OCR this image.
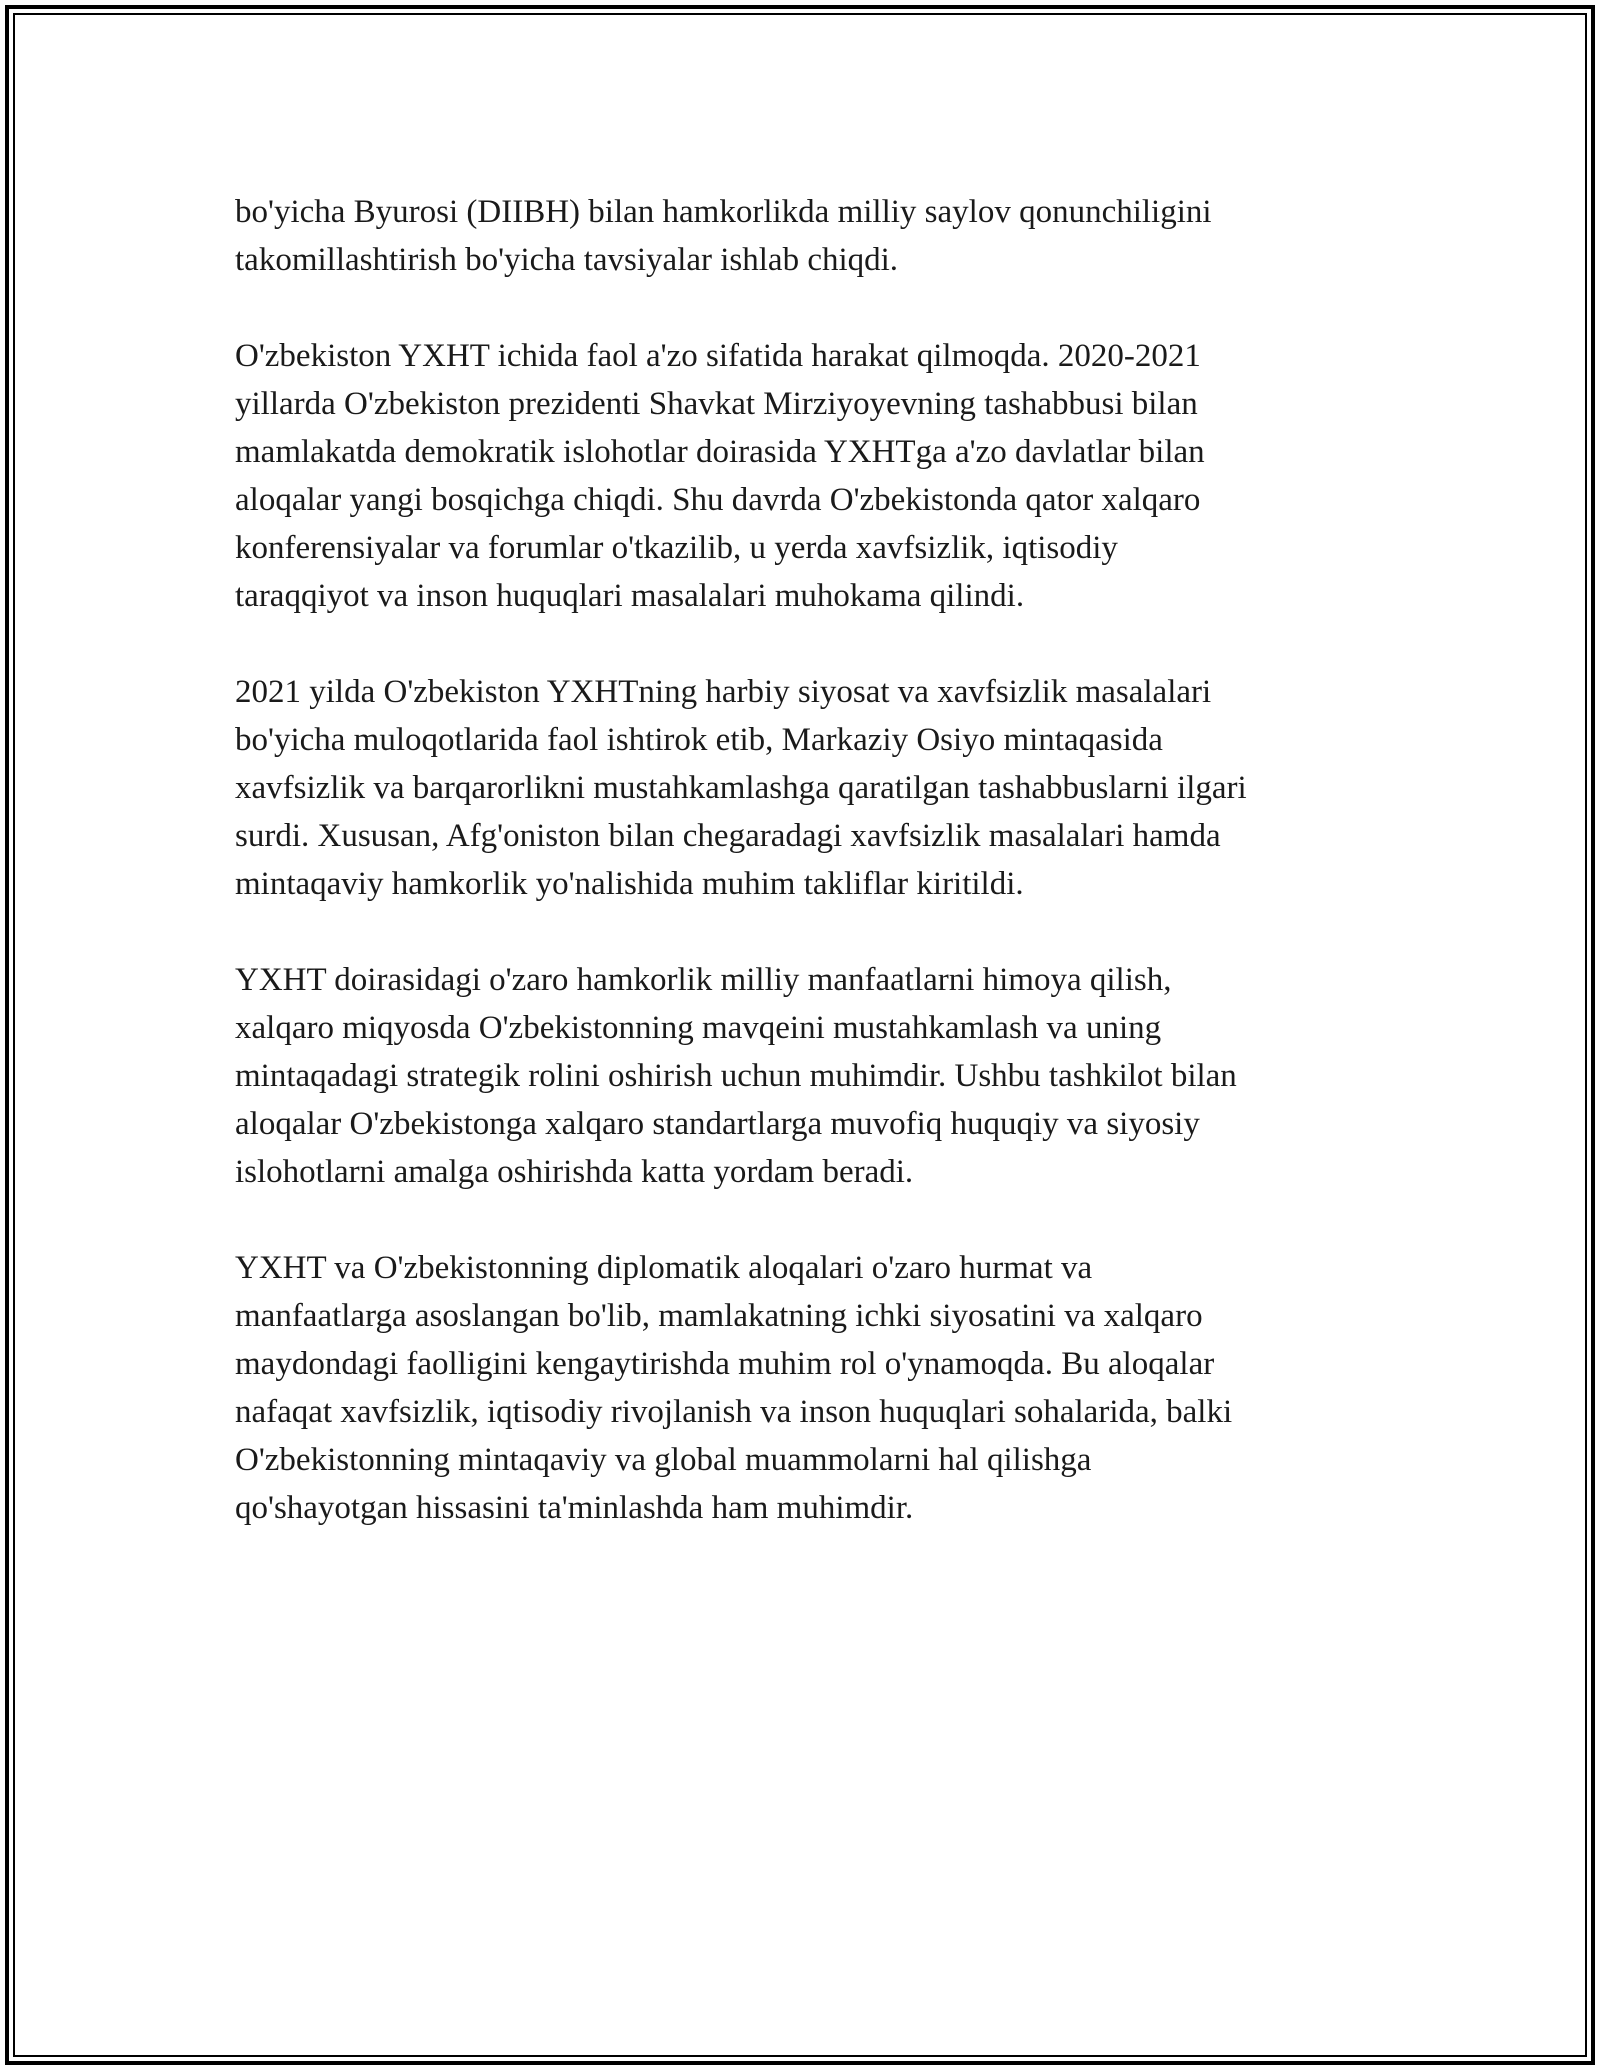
bo'yicha Byurosi (DIIBH) bilan hamkorlikda milliy saylov qonunchiligini
takomillashtirish bo'yicha tavsiyalar ishlab chiqdi.

O'zbekiston YXHT ichida faol a'zo sifatida harakat qilmoqda. 2020-2021
yillarda O'zbekiston prezidenti Shavkat Mirziyoyevning tashabbusi bilan
mamlakatda demokratik islohotlar doirasida YXHTga a'zo davlatlar bilan
aloqalar yangi bosqichga chiqdi. Shu davrda O'zbekistonda qator xalqaro
konferensiyalar va forumlar o'tkazilib, u yerda xavfsizlik, iqtisodiy
taraqqiyot va inson huquqlari masalalari muhokama qilindi.

2021 yilda O'zbekiston YXHTning harbiy siyosat va xavfsizlik masalalari
bo'yicha muloqotlarida faol ishtirok etib, Markaziy Osiyo mintaqasida
xavfsizlik va barqarorlikni mustahkamlashga qaratilgan tashabbuslarni ilgari
surdi. Xususan, Afg'oniston bilan chegaradagi xavfsizlik masalalari hamda
mintaqaviy hamkorlik yo'nalishida muhim takliflar kiritildi.

YXHT doirasidagi o'zaro hamkorlik milliy manfaatlarni himoya qilish,
xalqaro miqyosda O'zbekistonning mavqeini mustahkamlash va uning
mintaqadagi strategik rolini oshirish uchun muhimdir. Ushbu tashkilot bilan
aloqalar O'zbekistonga xalqaro standartlarga muvofiq huquqiy va siyosiy
islohotlarni amalga oshirishda katta yordam beradi.

YXHT va O'zbekistonning diplomatik aloqalari o'zaro hurmat va
manfaatlarga asoslangan bo'lib, mamlakatning ichki siyosatini va xalqaro
maydondagi faolligini kengaytirishda muhim rol o'ynamoqda. Bu aloqalar
nafaqat xavfsizlik, iqtisodiy rivojlanish va inson huquqlari sohalarida, balki
O'zbekistonning mintaqaviy va global muammolarni hal qilishga
qo'shayotgan hissasini ta'minlashda ham muhimdir.
